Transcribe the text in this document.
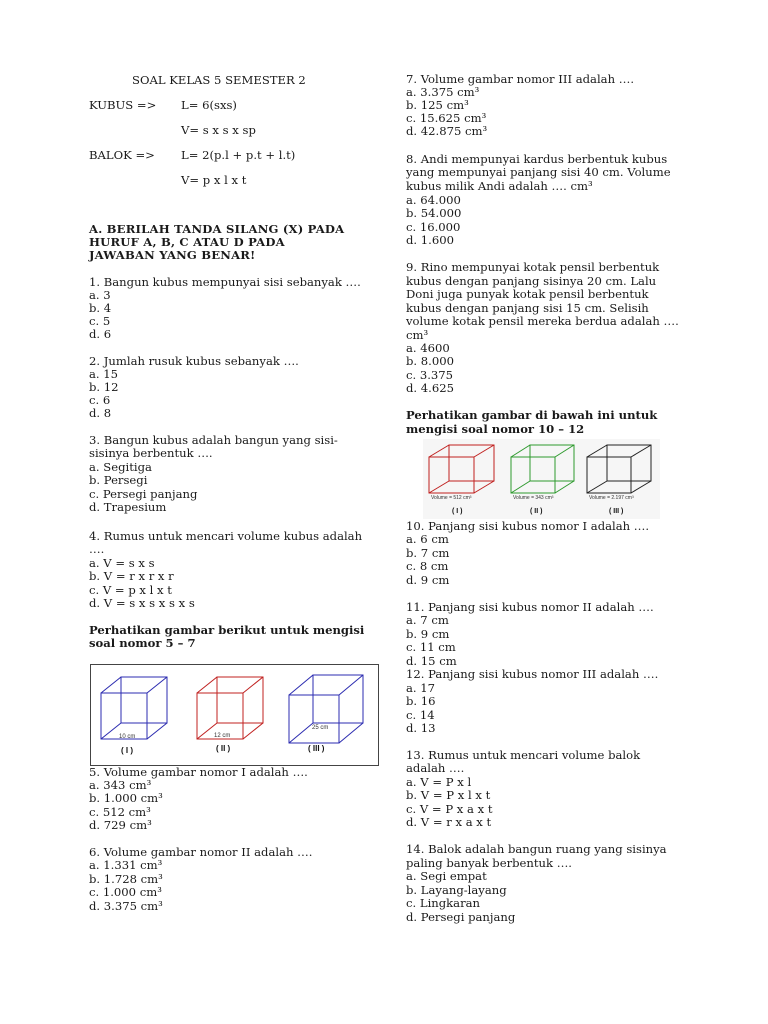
SOAL KELAS 5 SEMESTER 2
KUBUS => L= 6(sxs)
V= s x s x sp
BALOK => L= 2(p.l + p.t + l.t)
V= p x l x t
A. BERILAH TANDA SILANG (X) PADA
HURUF A, B, C ATAU D PADA
JAWABAN YANG BENAR!
1. Bangun kubus mempunyai sisi sebanyak ….
a. 3
b. 4
c. 5
d. 6
2. Jumlah rusuk kubus sebanyak ….
a. 15
b. 12
c. 6
d. 8
3. Bangun kubus adalah bangun yang sisi-
sisinya berbentuk ….
a. Segitiga
b. Persegi
c. Persegi panjang
d. Trapesium
4. Rumus untuk mencari volume kubus adalah
….
a. V = s x s
b. V = r x r x r
c. V = p x l x t
d. V = s x s x s x s
Perhatikan gambar berikut untuk mengisi
soal nomor 5 – 7
10 cm	12 cm
25 cm
( I )	( II )	( III )
5. Volume gambar nomor I adalah ….
a. 343 cm³
b. 1.000 cm³
c. 512 cm³
d. 729 cm³
6. Volume gambar nomor II adalah ….
a. 1.331 cm³
b. 1.728 cm³
c. 1.000 cm³
d. 3.375 cm³
7. Volume gambar nomor III adalah ….
a. 3.375 cm³
b. 125 cm³
c. 15.625 cm³
d. 42.875 cm³
8. Andi mempunyai kardus berbentuk kubus
yang mempunyai panjang sisi 40 cm. Volume
kubus milik Andi adalah …. cm³
a. 64.000
b. 54.000
c. 16.000
d. 1.600
9. Rino mempunyai kotak pensil berbentuk
kubus dengan panjang sisinya 20 cm. Lalu
Doni juga punyak kotak pensil berbentuk
kubus dengan panjang sisi 15 cm. Selisih
volume kotak pensil mereka berdua adalah ….
cm³
a. 4600
b. 8.000
c. 3.375
d. 4.625
Perhatikan gambar di bawah ini untuk
mengisi soal nomor 10 – 12
Volume = 512 cm³	Volume = 343 cm³	Volume = 2.197 cm³
( I )	( II )	( III )
10. Panjang sisi kubus nomor I adalah ….
a. 6 cm
b. 7 cm
c. 8 cm
d. 9 cm
11. Panjang sisi kubus nomor II adalah ….
a. 7 cm
b. 9 cm
c. 11 cm
d. 15 cm
12. Panjang sisi kubus nomor III adalah ….
a. 17
b. 16
c. 14
d. 13
13. Rumus untuk mencari volume balok
adalah ….
a. V = P x l
b. V = P x l x t
c. V = P x a x t
d. V = r x a x t
14. Balok adalah bangun ruang yang sisinya
paling banyak berbentuk ….
a. Segi empat
b. Layang-layang
c. Lingkaran
d. Persegi panjang
